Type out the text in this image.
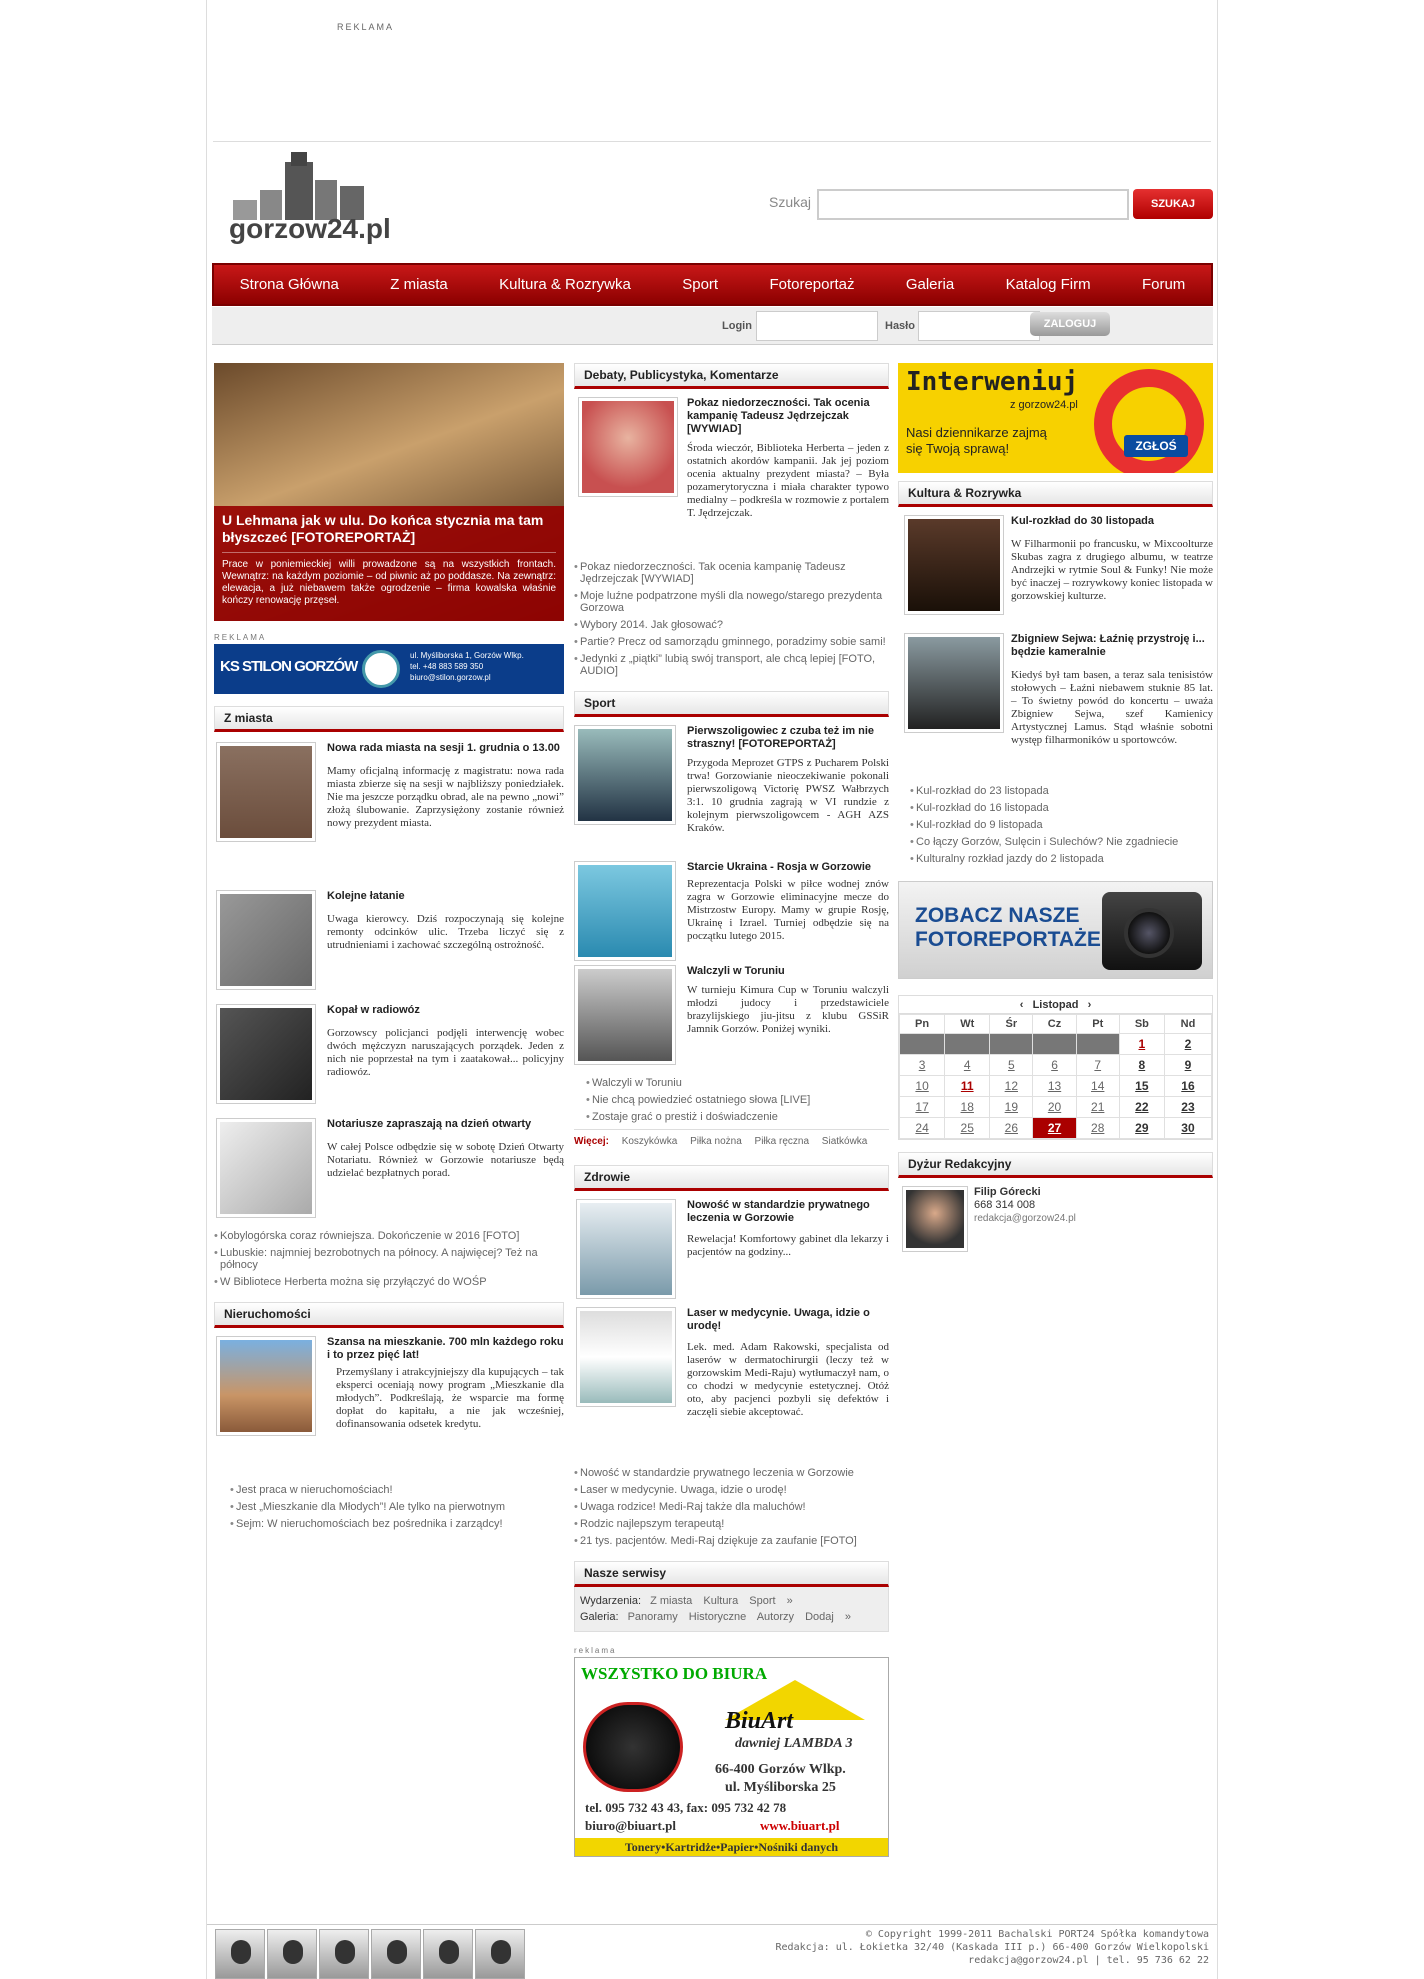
REKLAMA
gorzow24.pl
Szukaj	SZUKAJ
Strona Główna	Z miasta	Kultura & Rozrywka	Sport	Fotoreportaż	Galeria	Katalog Firm	Forum
Login	Hasło	ZALOGUJ
U Lehmana jak w ulu. Do końca stycznia ma tam błyszczeć [FOTOREPORTAŻ]

Prace w poniemieckiej willi prowadzone są na wszystkich frontach. Wewnątrz: na każdym poziomie – od piwnic aż po poddasze. Na zewnątrz: elewacja, a już niebawem także ogrodzenie – firma kowalska właśnie kończy renowację przęseł.

REKLAMA
KS STILON GORZÓW
ul. Myśliborska 1, Gorzów Wlkp.
tel. +48 883 589 350
biuro@stilon.gorzow.pl
Z miasta
Nowa rada miasta na sesji 1. grudnia o 13.00

Mamy oficjalną informację z magistratu: nowa rada miasta zbierze się na sesji w najbliższy poniedziałek. Nie ma jeszcze porządku obrad, ale na pewno „nowi” złożą ślubowanie. Zaprzysiężony zostanie również nowy prezydent miasta.

Kolejne łatanie

Uwaga kierowcy. Dziś rozpoczynają się kolejne remonty odcinków ulic. Trzeba liczyć się z utrudnieniami i zachować szczególną ostrożność.

Kopał w radiowóz

Gorzowscy policjanci podjęli interwencję wobec dwóch mężczyzn naruszających porządek. Jeden z nich nie poprzestał na tym i zaatakował... policyjny radiowóz.

Notariusze zapraszają na dzień otwarty

W całej Polsce odbędzie się w sobotę Dzień Otwarty Notariatu. Również w Gorzowie notariusze będą udzielać bezpłatnych porad.

• Kobylogórska coraz równiejsza. Dokończenie w 2016 [FOTO]
• Lubuskie: najmniej bezrobotnych na północy. A najwięcej? Też na północy
• W Bibliotece Herberta można się przyłączyć do WOŚP
Nieruchomości
Szansa na mieszkanie. 700 mln każdego roku i to przez pięć lat!

Przemyślany i atrakcyjniejszy dla kupujących – tak eksperci oceniają nowy program „Mieszkanie dla młodych”. Podkreślają, że wsparcie ma formę dopłat do kapitału, a nie jak wcześniej, dofinansowania odsetek kredytu.

• Jest praca w nieruchomościach!
• Jest „Mieszkanie dla Młodych”! Ale tylko na pierwotnym
• Sejm: W nieruchomościach bez pośrednika i zarządcy!
Debaty, Publicystyka, Komentarze
Pokaz niedorzeczności. Tak ocenia kampanię Tadeusz Jędrzejczak [WYWIAD]

Środa wieczór, Biblioteka Herberta – jeden z ostatnich akordów kampanii. Jak jej poziom ocenia aktualny prezydent miasta? – Była pozamerytoryczna i miała charakter typowo medialny – podkreśla w rozmowie z portalem T. Jędrzejczak.

• Pokaz niedorzeczności. Tak ocenia kampanię Tadeusz Jędrzejczak [WYWIAD]
• Moje luźne podpatrzone myśli dla nowego/starego prezydenta Gorzowa
• Wybory 2014. Jak głosować?
• Partie? Precz od samorządu gminnego, poradzimy sobie sami!
• Jedynki z „piątki” lubią swój transport, ale chcą lepiej [FOTO, AUDIO]
Sport
Pierwszoligowiec z czuba też im nie straszny! [FOTOREPORTAŻ]

Przygoda Meprozet GTPS z Pucharem Polski trwa! Gorzowianie nieoczekiwanie pokonali pierwszoligową Victorię PWSZ Wałbrzych 3:1. 10 grudnia zagrają w VI rundzie z kolejnym pierwszoligowcem - AGH AZS Kraków.

Starcie Ukraina - Rosja w Gorzowie

Reprezentacja Polski w piłce wodnej znów zagra w Gorzowie eliminacyjne mecze do Mistrzostw Europy. Mamy w grupie Rosję, Ukrainę i Izrael. Turniej odbędzie się na początku lutego 2015.

Walczyli w Toruniu

W turnieju Kimura Cup w Toruniu walczyli młodzi judocy i przedstawiciele brazylijskiego jiu-jitsu z klubu GSSiR Jamnik Gorzów. Poniżej wyniki.

• Walczyli w Toruniu
• Nie chcą powiedzieć ostatniego słowa [LIVE]
• Zostaje grać o prestiż i doświadczenie
Więcej: Koszykówka Piłka nożna Piłka ręczna Siatkówka
Zdrowie
Nowość w standardzie prywatnego leczenia w Gorzowie

Rewelacja! Komfortowy gabinet dla lekarzy i pacjentów na godziny...

Laser w medycynie. Uwaga, idzie o urodę!

Lek. med. Adam Rakowski, specjalista od laserów w dermatochirurgii (leczy też w gorzowskim Medi-Raju) wytłumaczył nam, o co chodzi w medycynie estetycznej. Otóż oto, aby pacjenci pozbyli się defektów i zaczęli siebie akceptować.

• Nowość w standardzie prywatnego leczenia w Gorzowie
• Laser w medycynie. Uwaga, idzie o urodę!
• Uwaga rodzice! Medi-Raj także dla maluchów!
• Rodzic najlepszym terapeutą!
• 21 tys. pacjentów. Medi-Raj dziękuje za zaufanie [FOTO]
Nasze serwisy
Wydarzenia: Z miasta Kultura Sport »
Galeria: Panoramy Historyczne Autorzy Dodaj »
reklama
WSZYSTKO DO BIURA
BiuArt
dawniej LAMBDA 3
66-400 Gorzów Wlkp.
ul. Myśliborska 25
tel. 095 732 43 43, fax: 095 732 42 78
biuro@biuart.pl	www.biuart.pl
Tonery•Kartridże•Papier•Nośniki danych
Interweniuj
z gorzow24.pl
Nasi dziennikarze zajmą się Twoją sprawą!	ZGŁOŚ
Kultura & Rozrywka
Kul-rozkład do 30 listopada

W Filharmonii po francusku, w Mixcoolturze Skubas zagra z drugiego albumu, w teatrze Andrzejki w rytmie Soul & Funky! Nie może być inaczej – rozrywkowy koniec listopada w gorzowskiej kulturze.

Zbigniew Sejwa: Łaźnię przystroję i... będzie kameralnie

Kiedyś był tam basen, a teraz sala tenisistów stołowych – Łaźni niebawem stuknie 85 lat. – To świetny powód do koncertu – uważa Zbigniew Sejwa, szef Kamienicy Artystycznej Lamus. Stąd właśnie sobotni występ filharmoników u sportowców.

• Kul-rozkład do 23 listopada
• Kul-rozkład do 16 listopada
• Kul-rozkład do 9 listopada
• Co łączy Gorzów, Sulęcin i Sulechów? Nie zgadniecie
• Kulturalny rozkład jazdy do 2 listopada
ZOBACZ NASZE
FOTOREPORTAŻE
‹ Listopad ›
Pn	Wt	Śr	Cz	Pt	Sb	Nd
					1	2
3	4	5	6	7	8	9
10	11	12	13	14	15	16
17	18	19	20	21	22	23
24	25	26	27	28	29	30
Dyżur Redakcyjny
Filip Górecki
668 314 008
redakcja@gorzow24.pl
© Copyright 1999-2011 Bachalski PORT24 Spółka komandytowa
Redakcja: ul. Łokietka 32/40 (Kaskada III p.) 66-400 Gorzów Wielkopolski
redakcja@gorzow24.pl | tel. 95 736 62 22
